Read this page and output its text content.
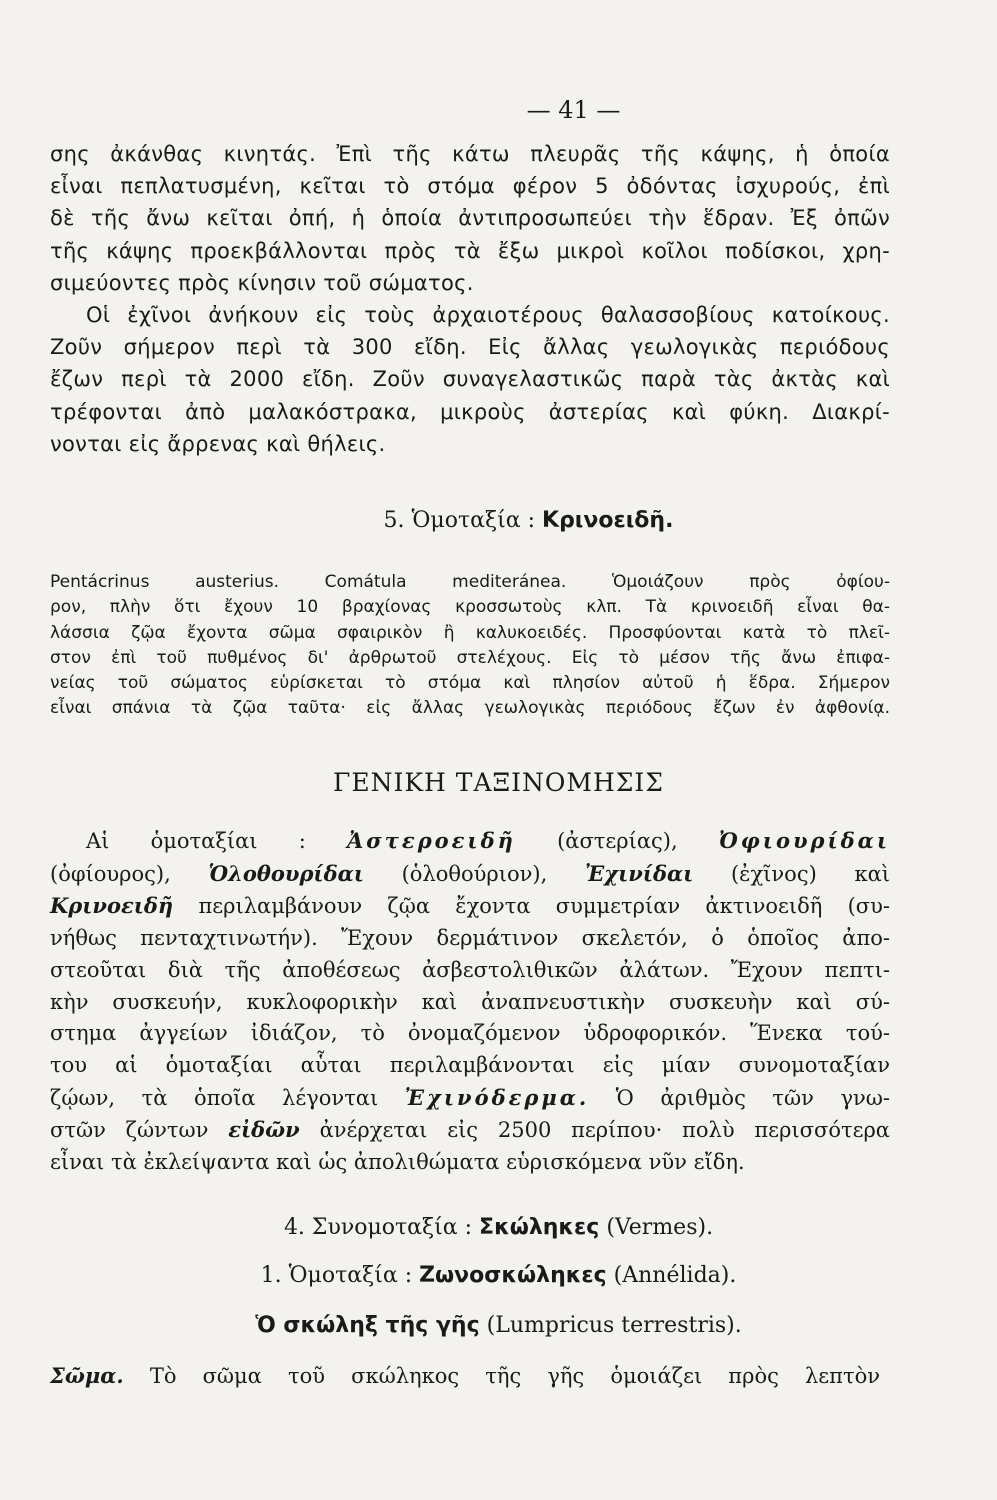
— 41 —
σης ἀκάνθας κινητάς. Ἐπὶ τῆς κάτω πλευρᾶς τῆς κάψης, ἡ ὁποία
εἶναι πεπλατυσμένη, κεῖται τὸ στόμα φέρον 5 ὀδόντας ἰσχυρούς, ἐπὶ
δὲ τῆς ἄνω κεῖται ὀπή, ἡ ὁποία ἀντιπροσωπεύει τὴν ἕδραν. Ἐξ ὀπῶν
τῆς κάψης προεκβάλλονται πρὸς τὰ ἔξω μικροὶ κοῖλοι ποδίσκοι, χρη-
σιμεύοντες πρὸς κίνησιν τοῦ σώματος.
Οἱ ἐχῖνοι ἀνήκουν εἰς τοὺς ἀρχαιοτέρους θαλασσοβίους κατοίκους.
Ζοῦν σήμερον περὶ τὰ 300 εἴδη. Εἰς ἄλλας γεωλογικὰς περιόδους
ἔζων περὶ τὰ 2000 εἴδη. Ζοῦν συναγελαστικῶς παρὰ τὰς ἀκτὰς καὶ
τρέφονται ἀπὸ μαλακόστρακα, μικροὺς ἀστερίας καὶ φύκη. Διακρί-
νονται εἰς ἄρρενας καὶ θήλεις.
5. Ὁμοταξία : Κρινοειδῆ.
Pentácrinus austerius. Comátula mediteránea. Ὁμοιάζουν πρὸς ὀφίου-
ρον, πλὴν ὅτι ἔχουν 10 βραχίονας κροσσωτοὺς κλπ. Τὰ κρινοειδῆ εἶναι θα-
λάσσια ζῷα ἔχοντα σῶμα σφαιρικὸν ἢ καλυκοειδές. Προσφύονται κατὰ τὸ πλεῖ-
στον ἐπὶ τοῦ πυθμένος δι' ἀρθρωτοῦ στελέχους. Εἰς τὸ μέσον τῆς ἄνω ἐπιφα-
νείας τοῦ σώματος εὑρίσκεται τὸ στόμα καὶ πλησίον αὐτοῦ ἡ ἕδρα. Σήμερον
εἶναι σπάνια τὰ ζῷα ταῦτα· εἰς ἄλλας γεωλογικὰς περιόδους ἔζων ἐν ἀφθονίᾳ.
ΓΕΝΙΚΗ ΤΑΞΙΝΟΜΗΣΙΣ
Αἱ ὁμοταξίαι : Ἀστεροειδῆ (ἀστερίας), Ὀφιουρίδαι
(ὀφίουρος), Ὁλοθουρίδαι (ὁλοθούριον), Ἐχινίδαι (ἐχῖνος) καὶ
Κρινοειδῆ περιλαμβάνουν ζῷα ἔχοντα συμμετρίαν ἀκτινοειδῆ (συ-
νήθως πενταχτινωτήν). Ἔχουν δερμάτινον σκελετόν, ὁ ὁποῖος ἀπο-
στεοῦται διὰ τῆς ἀποθέσεως ἀσβεστολιθικῶν ἀλάτων. Ἔχουν πεπτι-
κὴν συσκευήν, κυκλοφορικὴν καὶ ἀναπνευστικὴν συσκευὴν καὶ σύ-
στημα ἀγγείων ἰδιάζον, τὸ ὀνομαζόμενον ὑδροφορικόν. Ἕνεκα τού-
του αἱ ὁμοταξίαι αὗται περιλαμβάνονται εἰς μίαν συνομοταξίαν
ζῴων, τὰ ὁποῖα λέγονται Ἐχινόδερμα. Ὁ ἀριθμὸς τῶν γνω-
στῶν ζώντων εἰδῶν ἀνέρχεται εἰς 2500 περίπου· πολὺ περισσότερα
εἶναι τὰ ἐκλείψαντα καὶ ὡς ἀπολιθώματα εὑρισκόμενα νῦν εἴδη.
4. Συνομοταξία : Σκώληκες (Vermes).
1. Ὁμοταξία : Ζωνοσκώληκες (Annélida).
Ὁ σκώληξ τῆς γῆς (Lumpricus terrestris).
Σῶμα. Τὸ σῶμα τοῦ σκώληκος τῆς γῆς ὁμοιάζει πρὸς λεπτὸν
